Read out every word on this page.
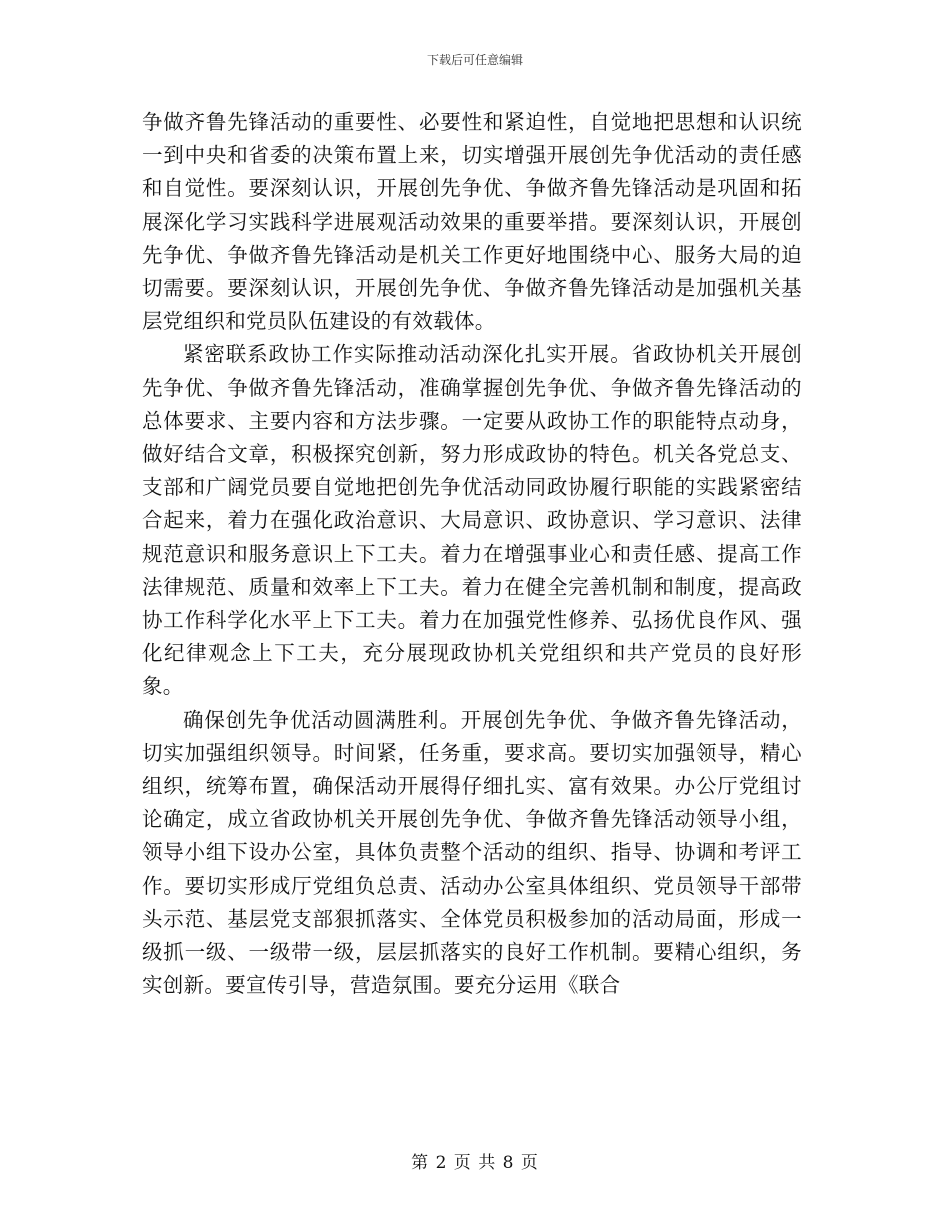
下载后可任意编辑

争做齐鲁先锋活动的重要性、必要性和紧迫性，自觉地把思想和认识统一到中央和省委的决策布置上来，切实增强开展创先争优活动的责任感和自觉性。要深刻认识，开展创先争优、争做齐鲁先锋活动是巩固和拓展深化学习实践科学进展观活动效果的重要举措。要深刻认识，开展创先争优、争做齐鲁先锋活动是机关工作更好地围绕中心、服务大局的迫切需要。要深刻认识，开展创先争优、争做齐鲁先锋活动是加强机关基层党组织和党员队伍建设的有效载体。

紧密联系政协工作实际推动活动深化扎实开展。省政协机关开展创先争优、争做齐鲁先锋活动，准确掌握创先争优、争做齐鲁先锋活动的总体要求、主要内容和方法步骤。一定要从政协工作的职能特点动身，做好结合文章，积极探究创新，努力形成政协的特色。机关各党总支、支部和广阔党员要自觉地把创先争优活动同政协履行职能的实践紧密结合起来，着力在强化政治意识、大局意识、政协意识、学习意识、法律规范意识和服务意识上下工夫。着力在增强事业心和责任感、提高工作法律规范、质量和效率上下工夫。着力在健全完善机制和制度，提高政协工作科学化水平上下工夫。着力在加强党性修养、弘扬优良作风、强化纪律观念上下工夫，充分展现政协机关党组织和共产党员的良好形象。

确保创先争优活动圆满胜利。开展创先争优、争做齐鲁先锋活动，切实加强组织领导。时间紧，任务重，要求高。要切实加强领导，精心组织，统筹布置，确保活动开展得仔细扎实、富有效果。办公厅党组讨论确定，成立省政协机关开展创先争优、争做齐鲁先锋活动领导小组，领导小组下设办公室，具体负责整个活动的组织、指导、协调和考评工作。要切实形成厅党组负总责、活动办公室具体组织、党员领导干部带头示范、基层党支部狠抓落实、全体党员积极参加的活动局面，形成一级抓一级、一级带一级，层层抓落实的良好工作机制。要精心组织，务实创新。要宣传引导，营造氛围。要充分运用《联合

第 2 页 共 8 页
